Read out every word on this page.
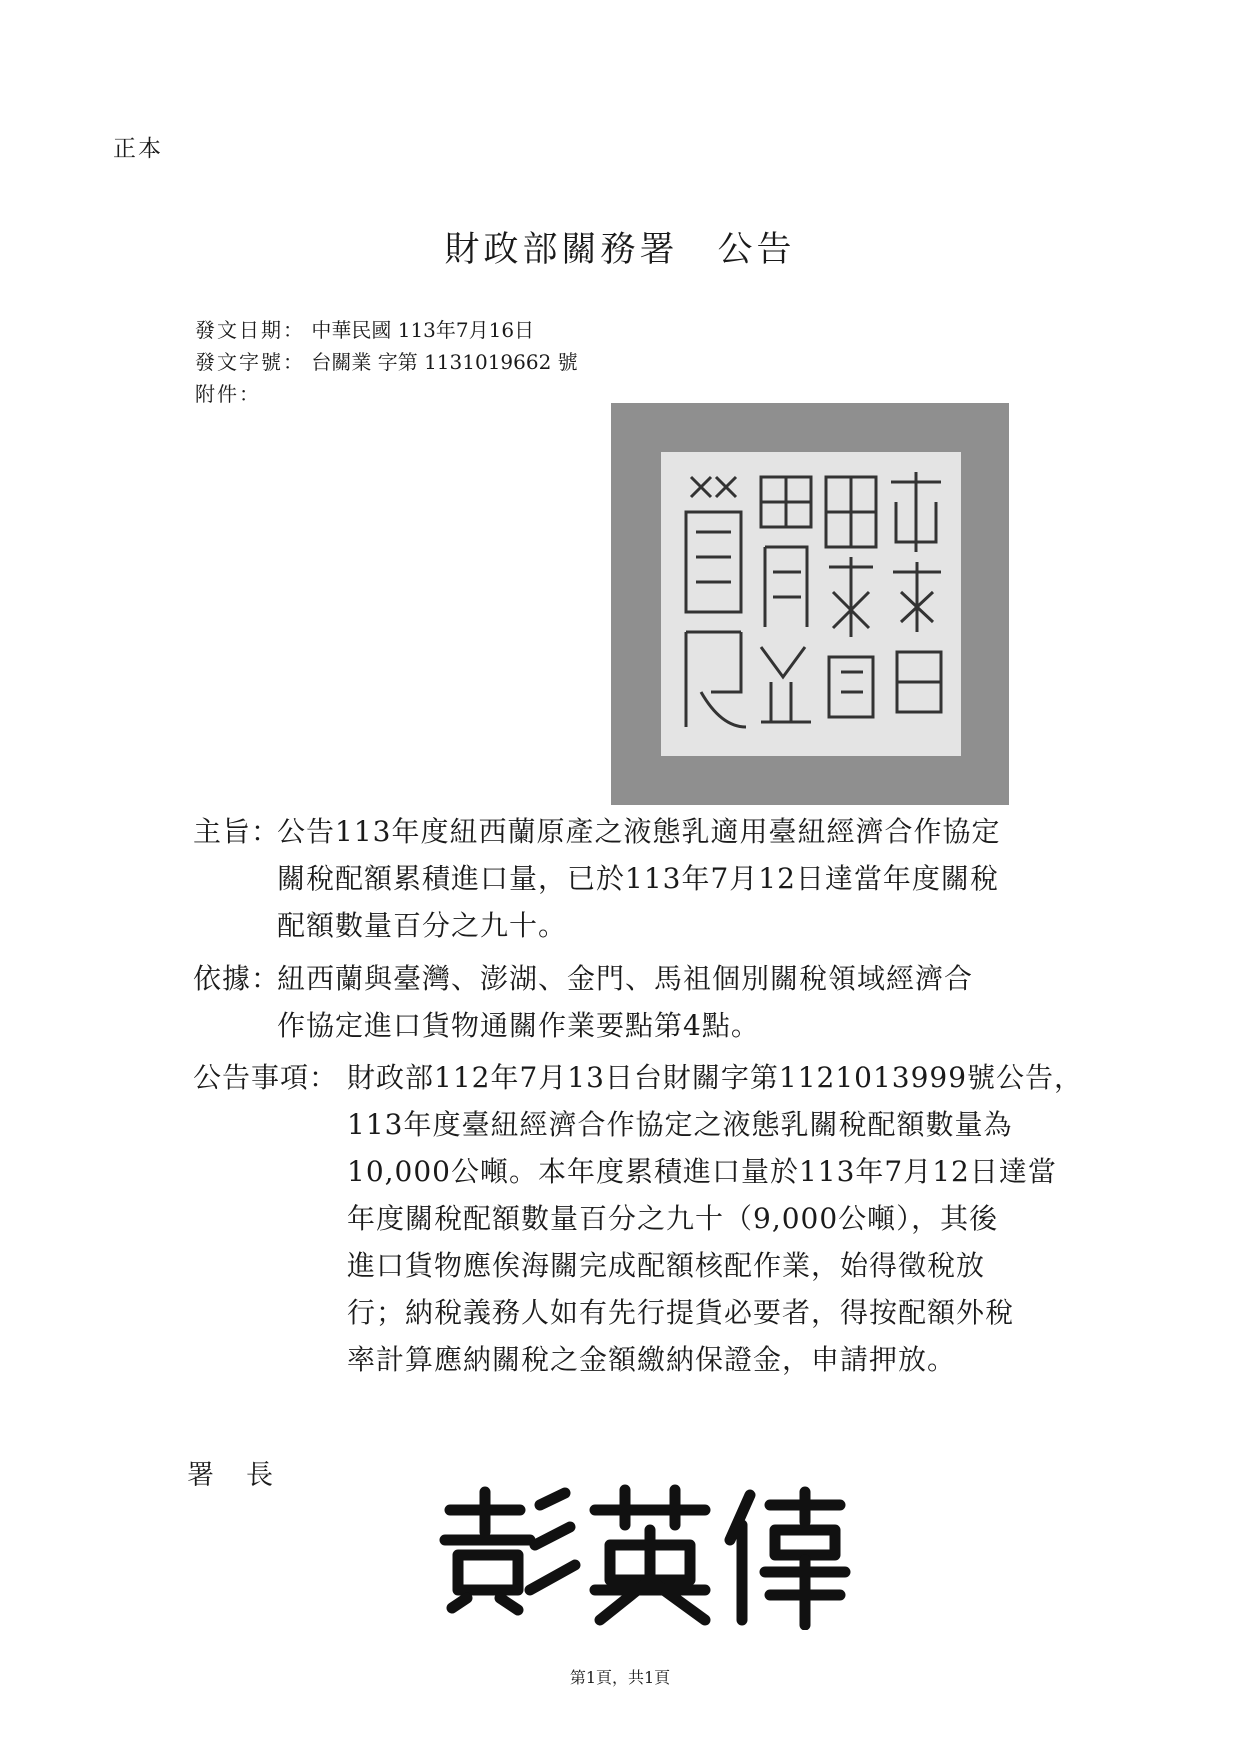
正本
財政部關務署　公告
發文日期： 中華民國 113年7月16日
發文字號： 台關業 字第 1131019662 號
附件：
主旨：
公告113年度紐西蘭原產之液態乳適用臺紐經濟合作協定
關稅配額累積進口量，已於113年7月12日達當年度關稅
配額數量百分之九十。
依據：
紐西蘭與臺灣、澎湖、金門、馬祖個別關稅領域經濟合
作協定進口貨物通關作業要點第4點。
公告事項： 財政部112年7月13日台財關字第1121013999號公告，
113年度臺紐經濟合作協定之液態乳關稅配額數量為
10,000公噸。本年度累積進口量於113年7月12日達當
年度關稅配額數量百分之九十（9,000公噸），其後
進口貨物應俟海關完成配額核配作業，始得徵稅放
行；納稅義務人如有先行提貨必要者，得按配額外稅
率計算應納關稅之金額繳納保證金，申請押放。
署長
第1頁，共1頁
